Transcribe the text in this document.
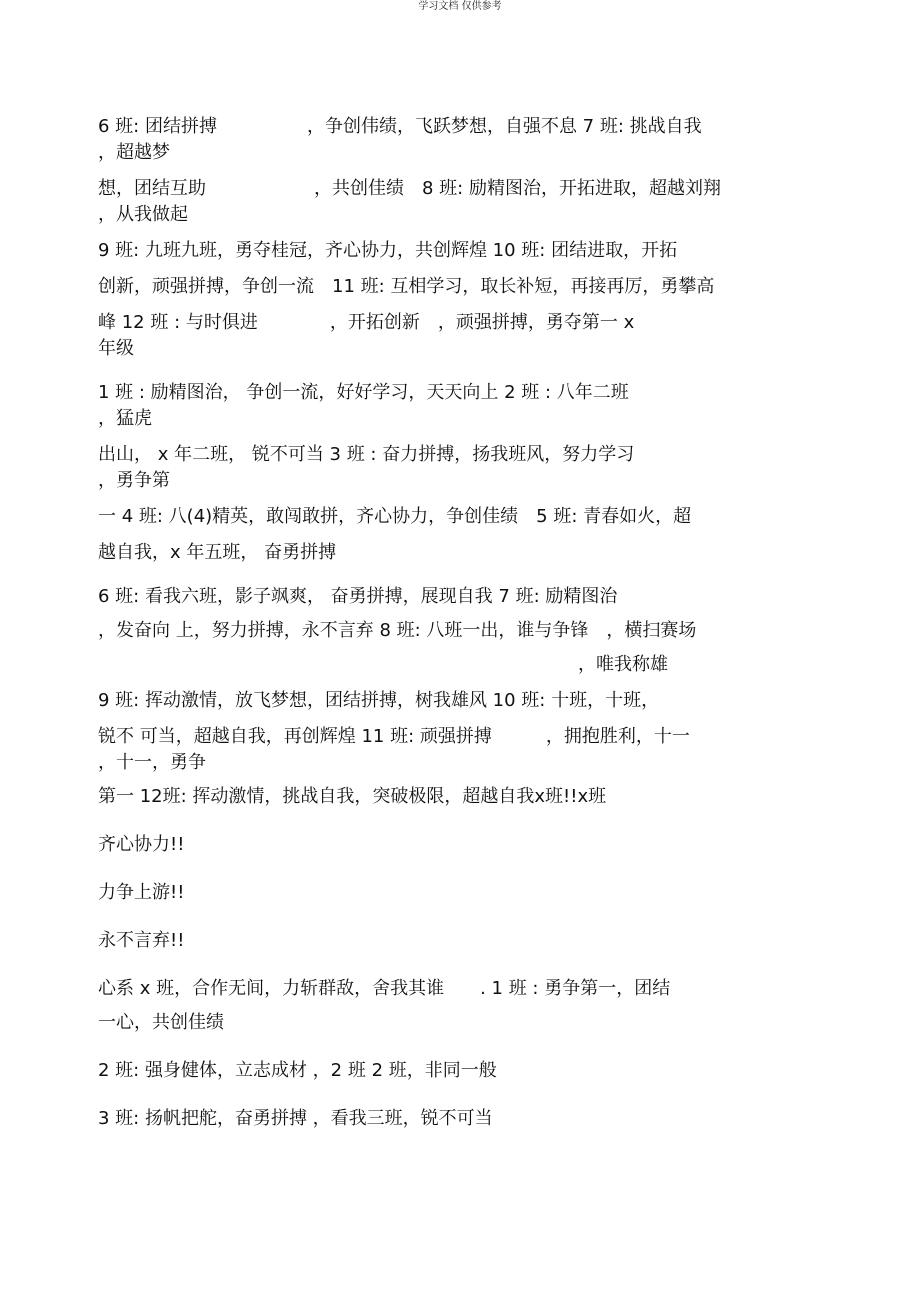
学习文档 仅供参考
6 班: 团结拼搏　　　　　，争创伟绩，飞跃梦想，自强不息 7 班: 挑战自我
，超越梦
想，团结互助　　　　　　，共创佳绩　8 班: 励精图治，开拓进取，超越刘翔
，从我做起
9 班: 九班九班，勇夺桂冠，齐心协力，共创辉煌 10 班: 团结进取，开拓
创新，顽强拼搏，争创一流　11 班: 互相学习，取长补短，再接再厉，勇攀高
峰 12 班 : 与时俱进　　　　，开拓创新　，顽强拼搏，勇夺第一 x
年级
1 班 : 励精图治， 争创一流，好好学习，天天向上 2 班 : 八年二班
，猛虎
出山， x 年二班， 锐不可当 3 班 : 奋力拼搏，扬我班风，努力学习
，勇争第
一 4 班: 八(4)精英，敢闯敢拼，齐心协力，争创佳绩　5 班: 青春如火，超
越自我，x 年五班， 奋勇拼搏
6 班: 看我六班，影子飒爽， 奋勇拼搏，展现自我 7 班: 励精图治
，发奋向 上，努力拼搏，永不言弃 8 班: 八班一出，谁与争锋　，横扫赛场
，唯我称雄
9 班: 挥动激情，放飞梦想，团结拼搏，树我雄风 10 班: 十班，十班，
锐不 可当，超越自我，再创辉煌 11 班: 顽强拼搏　　　，拥抱胜利，十一
，十一，勇争
第一 12班: 挥动激情，挑战自我，突破极限，超越自我x班!!x班
齐心协力!!
力争上游!!
永不言弃!!
心系 x 班，合作无间，力斩群敌，舍我其谁　　. 1 班 : 勇争第一，团结
一心，共创佳绩
2 班: 强身健体，立志成材 ，2 班 2 班，非同一般
3 班: 扬帆把舵，奋勇拼搏 ，看我三班，锐不可当
